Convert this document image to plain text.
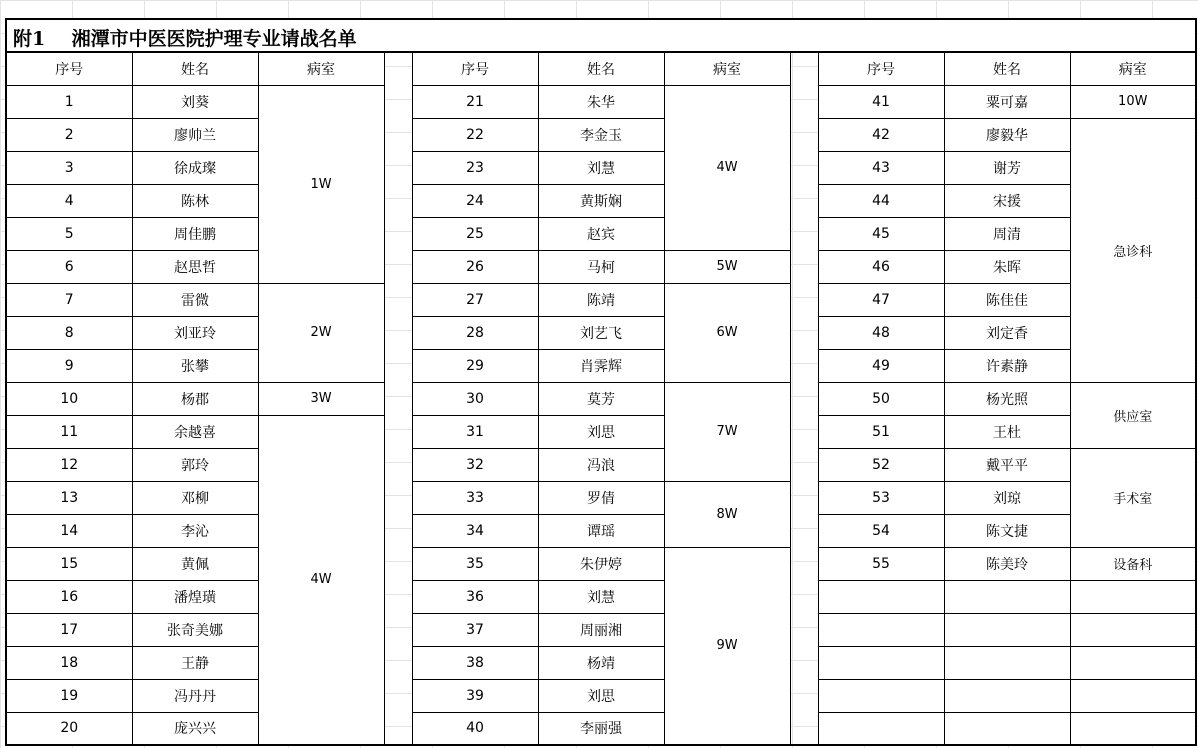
附1    湘潭市中医医院护理专业请战名单
序号	姓名	病室		序号	姓名	病室		序号	姓名	病室
1	刘葵	1W		21	朱华	4W		41	粟可嘉	10W
2	廖帅兰			22	李金玉			42	廖毅华	急诊科
3	徐成璨			23	刘慧			43	谢芳	
4	陈林			24	黄斯娴			44	宋援	
5	周佳鹏			25	赵宾			45	周清	
6	赵思哲			26	马柯	5W		46	朱晖	
7	雷微	2W		27	陈靖	6W		47	陈佳佳	
8	刘亚玲			28	刘艺飞			48	刘定香	
9	张攀			29	肖霁辉			49	许素静	
10	杨郡	3W		30	莫芳	7W		50	杨光照	供应室
11	余越喜	4W		31	刘思			51	王杜	
12	郭玲			32	冯浪			52	戴平平	手术室
13	邓柳			33	罗倩	8W		53	刘琼	
14	李沁			34	谭瑶			54	陈文捷	
15	黄佩			35	朱伊婷	9W		55	陈美玲	设备科
16	潘煌璜			36	刘慧					
17	张奇美娜			37	周丽湘					
18	王静			38	杨靖					
19	冯丹丹			39	刘思					
20	庞兴兴			40	李丽强					
